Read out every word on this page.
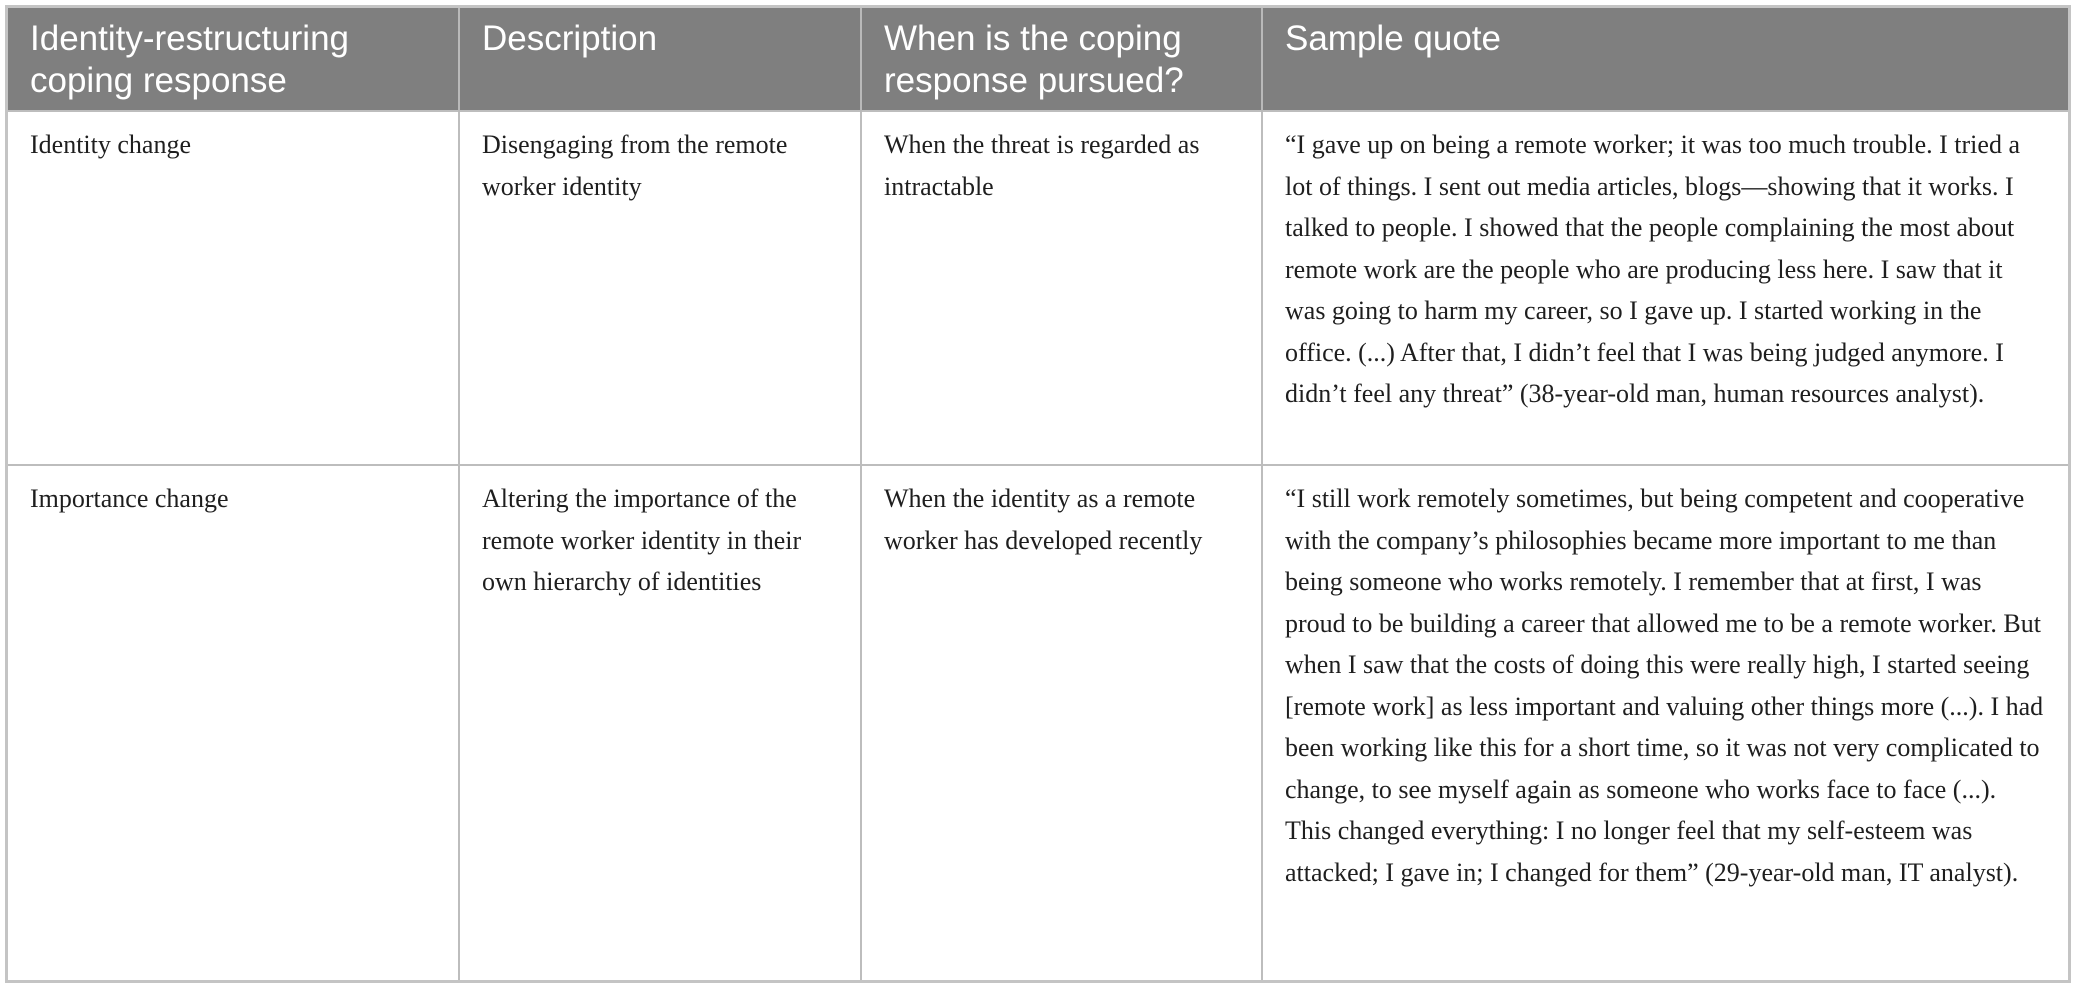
Identity-restructuring coping response	Description	When is the coping response pursued?	Sample quote
Identity change	Disengaging from the remote worker identity	When the threat is regarded as intractable	“I gave up on being a remote worker; it was too much trouble. I tried a lot of things. I sent out media articles, blogs—showing that it works. I talked to people. I showed that the people complaining the most about remote work are the people who are producing less here. I saw that it was going to harm my career, so I gave up. I started working in the office. (...) After that, I didn’t feel that I was being judged anymore. I didn’t feel any threat” (38-year-old man, human resources analyst).
Importance change	Altering the importance of the remote worker identity in their own hierarchy of identities	When the identity as a remote worker has developed recently	“I still work remotely sometimes, but being competent and cooperative with the company’s philosophies became more important to me than being someone who works remotely. I remember that at first, I was proud to be building a career that allowed me to be a remote worker. But when I saw that the costs of doing this were really high, I started seeing [remote work] as less important and valuing other things more (...). I had been working like this for a short time, so it was not very complicated to change, to see myself again as someone who works face to face (...). This changed everything: I no longer feel that my self-esteem was attacked; I gave in; I changed for them” (29-year-old man, IT analyst).
